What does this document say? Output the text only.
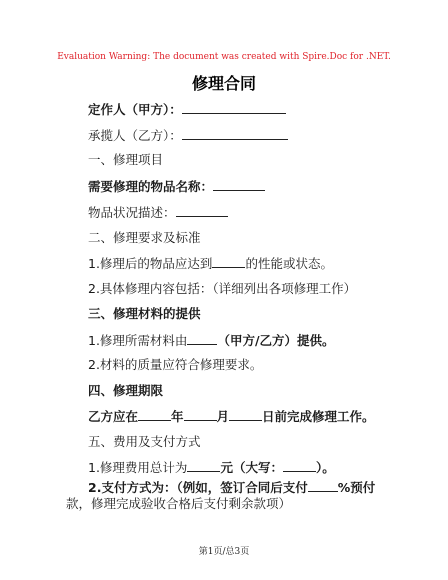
Evaluation Warning: The document was created with Spire.Doc for .NET.
修理合同
定作人（甲方）：
承揽人（乙方）：
一、修理项目
需要修理的物品名称：
物品状况描述：
二、修理要求及标准
1.修理后的物品应达到	的性能或状态。
2.具体修理内容包括：（详细列出各项修理工作）
三、修理材料的提供
1.修理所需材料由 （甲方/乙方）提供。
2.材料的质量应符合修理要求。
四、修理期限
乙方应在	年	月	日前完成修理工作。
五、费用及支付方式
1.修理费用总计为	元（大写：	）。
2.支付方式为：（例如，签订合同后支付 %预付
款，修理完成验收合格后支付剩余款项）
第1页/总3页
